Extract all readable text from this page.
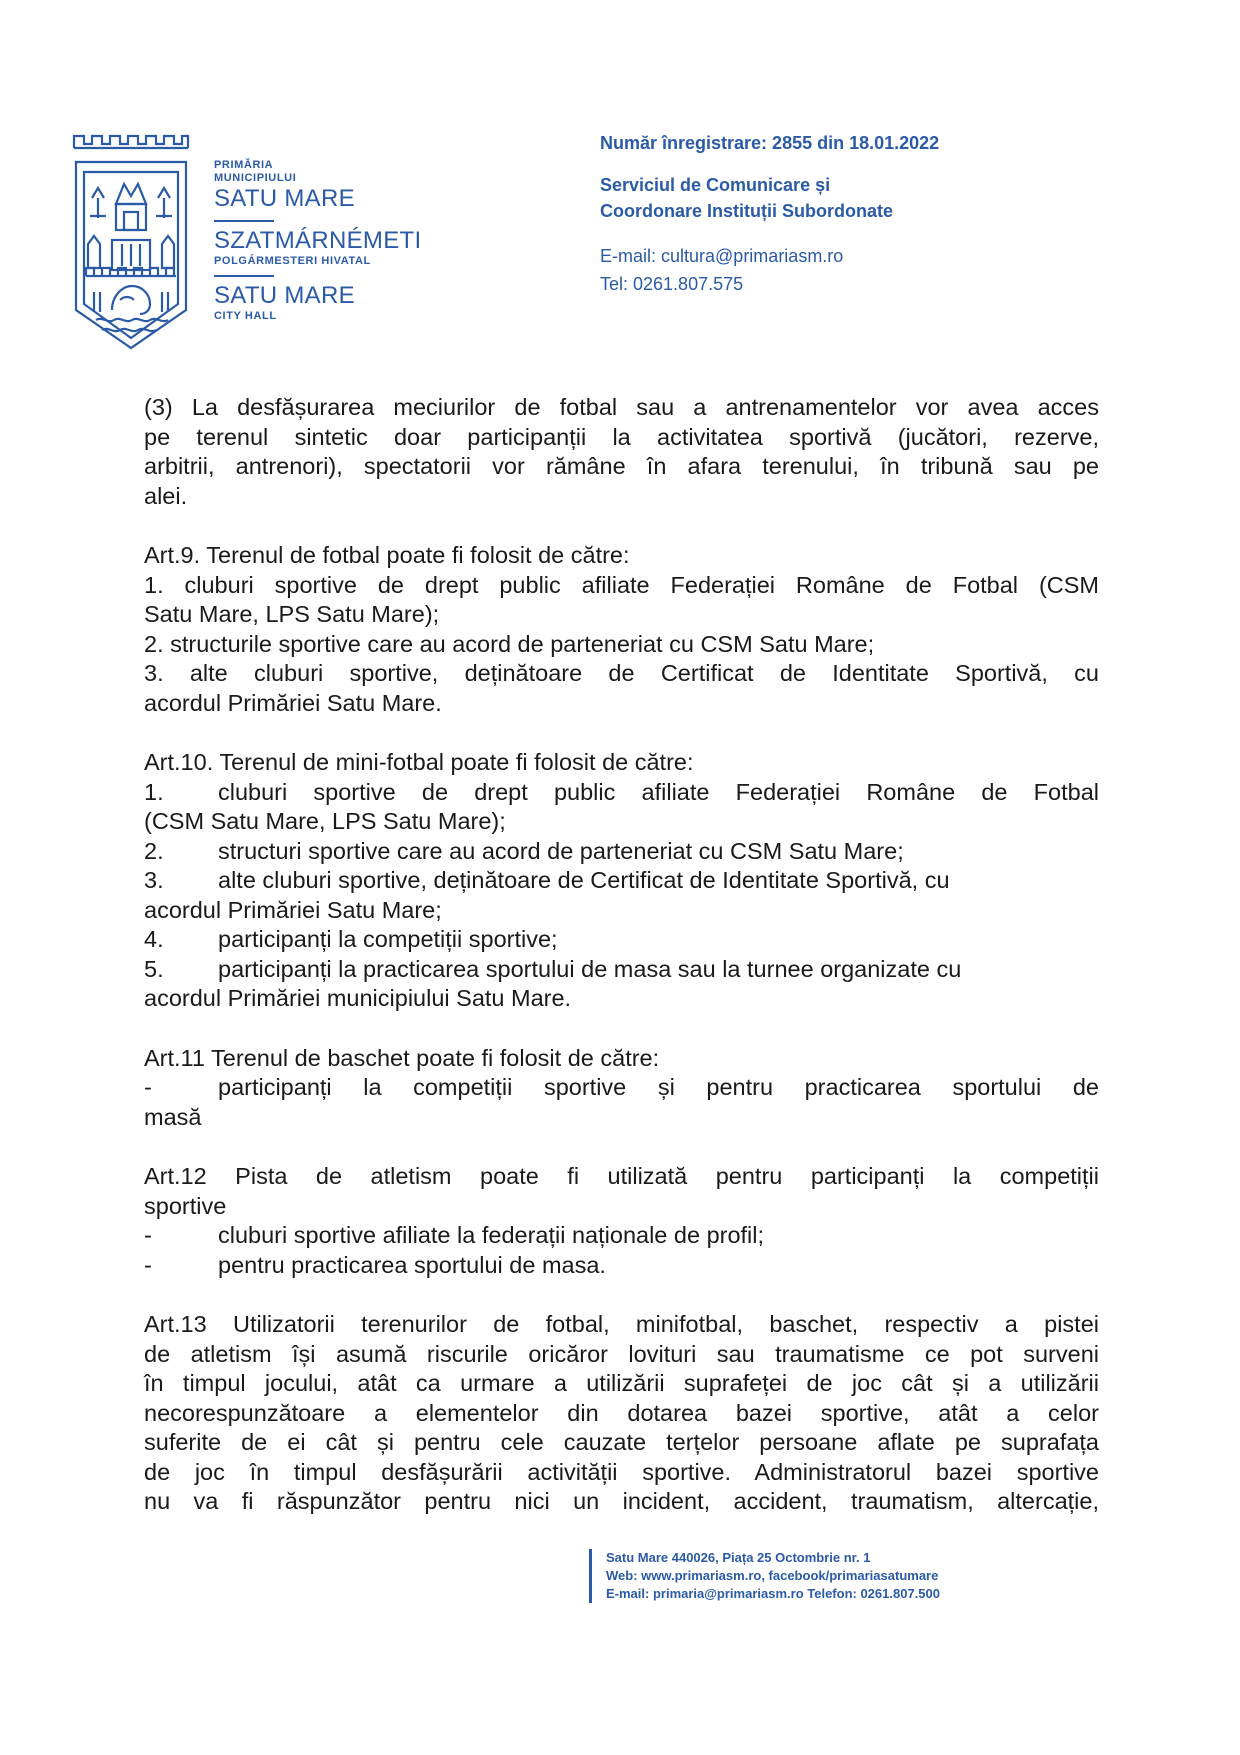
PRIMĂRIA
MUNICIPIULUI
SATU MARE
SZATMÁRNÉMETI
POLGÁRMESTERI HIVATAL
SATU MARE
CITY HALL
Număr înregistrare: 2855 din 18.01.2022
Serviciul de Comunicare și
Coordonare Instituții Subordonate
E-mail: cultura@primariasm.ro
Tel: 0261.807.575
(3) La desfășurarea meciurilor de fotbal sau a antrenamentelor vor avea acces
pe terenul sintetic doar participanții la activitatea sportivă (jucători, rezerve,
arbitrii, antrenori), spectatorii vor rămâne în afara terenului, în tribună sau pe
alei.
Art.9. Terenul de fotbal poate fi folosit de către:
1. cluburi sportive de drept public afiliate Federației Române de Fotbal (CSM
Satu Mare, LPS Satu Mare);
2. structurile sportive care au acord de parteneriat cu CSM Satu Mare;
3. alte cluburi sportive, deținătoare de Certificat de Identitate Sportivă, cu
acordul Primăriei Satu Mare.
Art.10. Terenul de mini-fotbal poate fi folosit de către:
1. cluburi sportive de drept public afiliate Federației Române de Fotbal
(CSM Satu Mare, LPS Satu Mare);
2. structuri sportive care au acord de parteneriat cu CSM Satu Mare;
3. alte cluburi sportive, deținătoare de Certificat de Identitate Sportivă, cu
acordul Primăriei Satu Mare;
4. participanți la competiții sportive;
5. participanți la practicarea sportului de masa sau la turnee organizate cu
acordul Primăriei municipiului Satu Mare.
Art.11 Terenul de baschet poate fi folosit de către:
-	participanți la competiții sportive și pentru practicarea sportului de
masă
Art.12 Pista de atletism poate fi utilizată pentru participanți la competiții
sportive
-	cluburi sportive afiliate la federații naționale de profil;
-	pentru practicarea sportului de masa.
Art.13 Utilizatorii terenurilor de fotbal, minifotbal, baschet, respectiv a pistei
de atletism își asumă riscurile oricăror lovituri sau traumatisme ce pot surveni
în timpul jocului, atât ca urmare a utilizării suprafeței de joc cât și a utilizării
necorespunzătoare a elementelor din dotarea bazei sportive, atât a celor
suferite de ei cât și pentru cele cauzate terțelor persoane aflate pe suprafața
de joc în timpul desfășurării activității sportive. Administratorul bazei sportive
nu va fi răspunzător pentru nici un incident, accident, traumatism, altercație,
Satu Mare 440026, Piața 25 Octombrie nr. 1
Web: www.primariasm.ro, facebook/primariasatumare
E-mail: primaria@primariasm.ro Telefon: 0261.807.500
